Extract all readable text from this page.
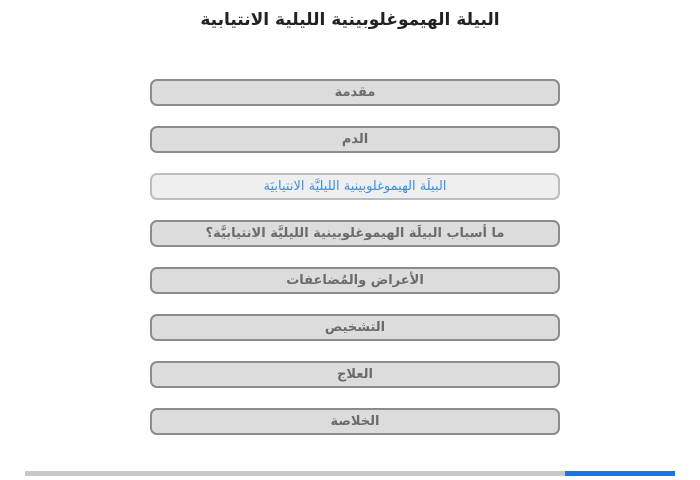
البيلة الهيموغلوبينية الليلية الانتيابية
مقدمة
الدم
البيلَة الهيموغلوبينية الليليَّة الانتيابيَة
ما أسباب البيلَة الهيموغلوبينية الليليَّة الانتيابيَّة؟
الأعراض والمُضاعفات
التشخيص
العلاج
الخلاصة
